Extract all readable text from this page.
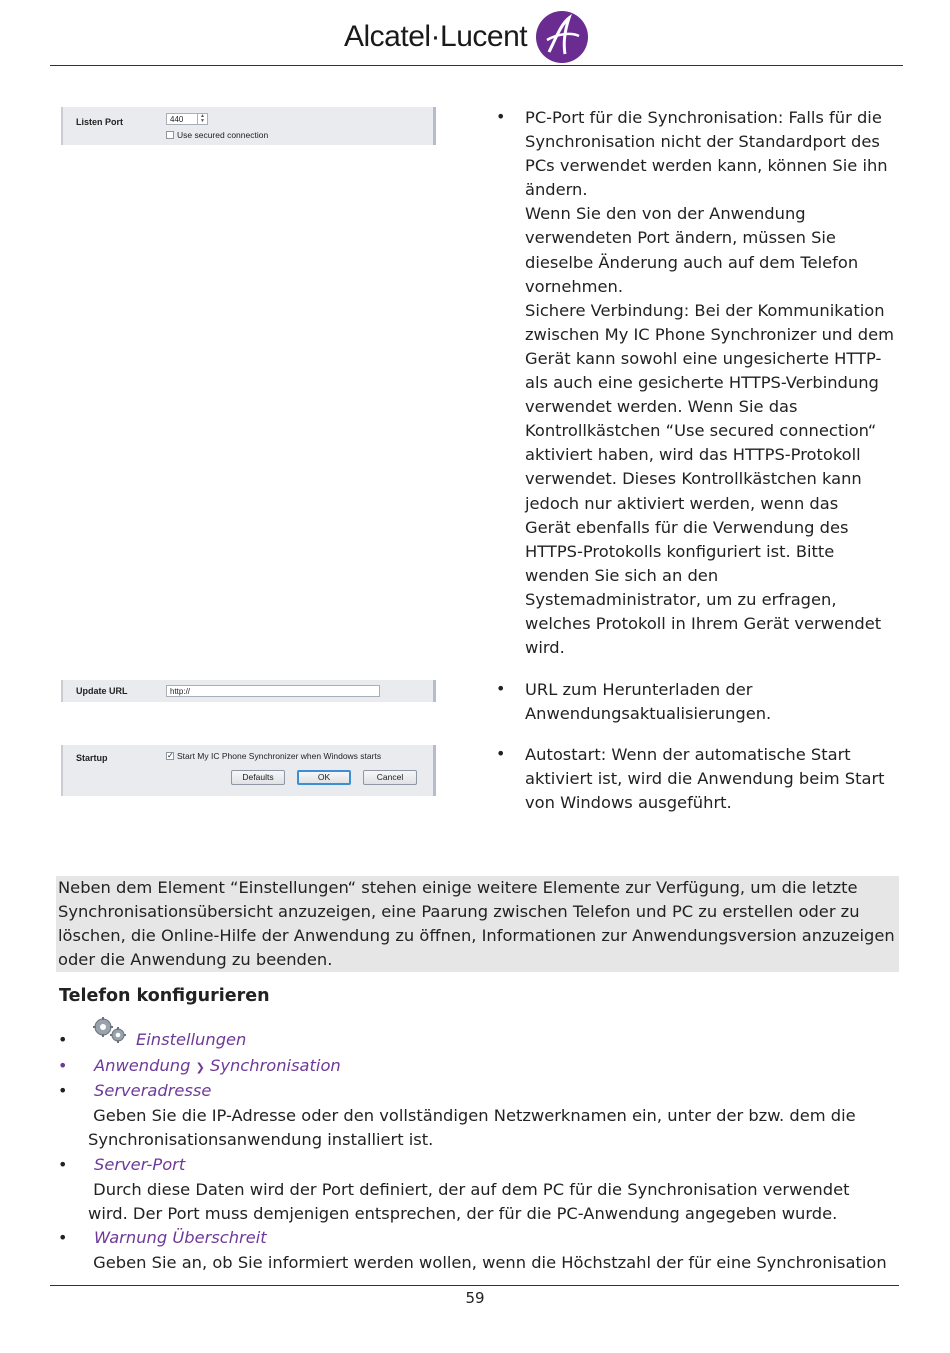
Alcatel·Lucent
Listen Port	440	▲
▼
Use secured connection
Update URL	http://
Startup	✓ Start My IC Phone Synchronizer when Windows starts
Defaults	OK	Cancel
• PC-Port für die Synchronisation: Falls für die

Synchronisation nicht der Standardport des

PCs verwendet werden kann, können Sie ihn

ändern.

Wenn Sie den von der Anwendung

verwendeten Port ändern, müssen Sie

dieselbe Änderung auch auf dem Telefon

vornehmen.

Sichere Verbindung: Bei der Kommunikation

zwischen My IC Phone Synchronizer und dem

Gerät kann sowohl eine ungesicherte HTTP-

als auch eine gesicherte HTTPS-Verbindung

verwendet werden. Wenn Sie das

Kontrollkästchen “Use secured connection“

aktiviert haben, wird das HTTPS-Protokoll

verwendet. Dieses Kontrollkästchen kann

jedoch nur aktiviert werden, wenn das

Gerät ebenfalls für die Verwendung des

HTTPS-Protokolls konfiguriert ist. Bitte

wenden Sie sich an den

Systemadministrator, um zu erfragen,

welches Protokoll in Ihrem Gerät verwendet

wird.

• URL zum Herunterladen der

Anwendungsaktualisierungen.

• Autostart: Wenn der automatische Start

aktiviert ist, wird die Anwendung beim Start

von Windows ausgeführt.

Neben dem Element “Einstellungen“ stehen einige weitere Elemente zur Verfügung, um die letzte
Synchronisationsübersicht anzuzeigen, eine Paarung zwischen Telefon und PC zu erstellen oder zu
löschen, die Online-Hilfe der Anwendung zu öffnen, Informationen zur Anwendungsversion anzuzeigen
oder die Anwendung zu beenden.

Telefon konfigurieren
•	Einstellungen
• Anwendung ❯ Synchronisation
• Serveradresse

Geben Sie die IP-Adresse oder den vollständigen Netzwerknamen ein, unter der bzw. dem die

Synchronisationsanwendung installiert ist.

• Server-Port

Durch diese Daten wird der Port definiert, der auf dem PC für die Synchronisation verwendet

wird. Der Port muss demjenigen entsprechen, der für die PC-Anwendung angegeben wurde.

• Warnung Überschreit

Geben Sie an, ob Sie informiert werden wollen, wenn die Höchstzahl der für eine Synchronisation

59
